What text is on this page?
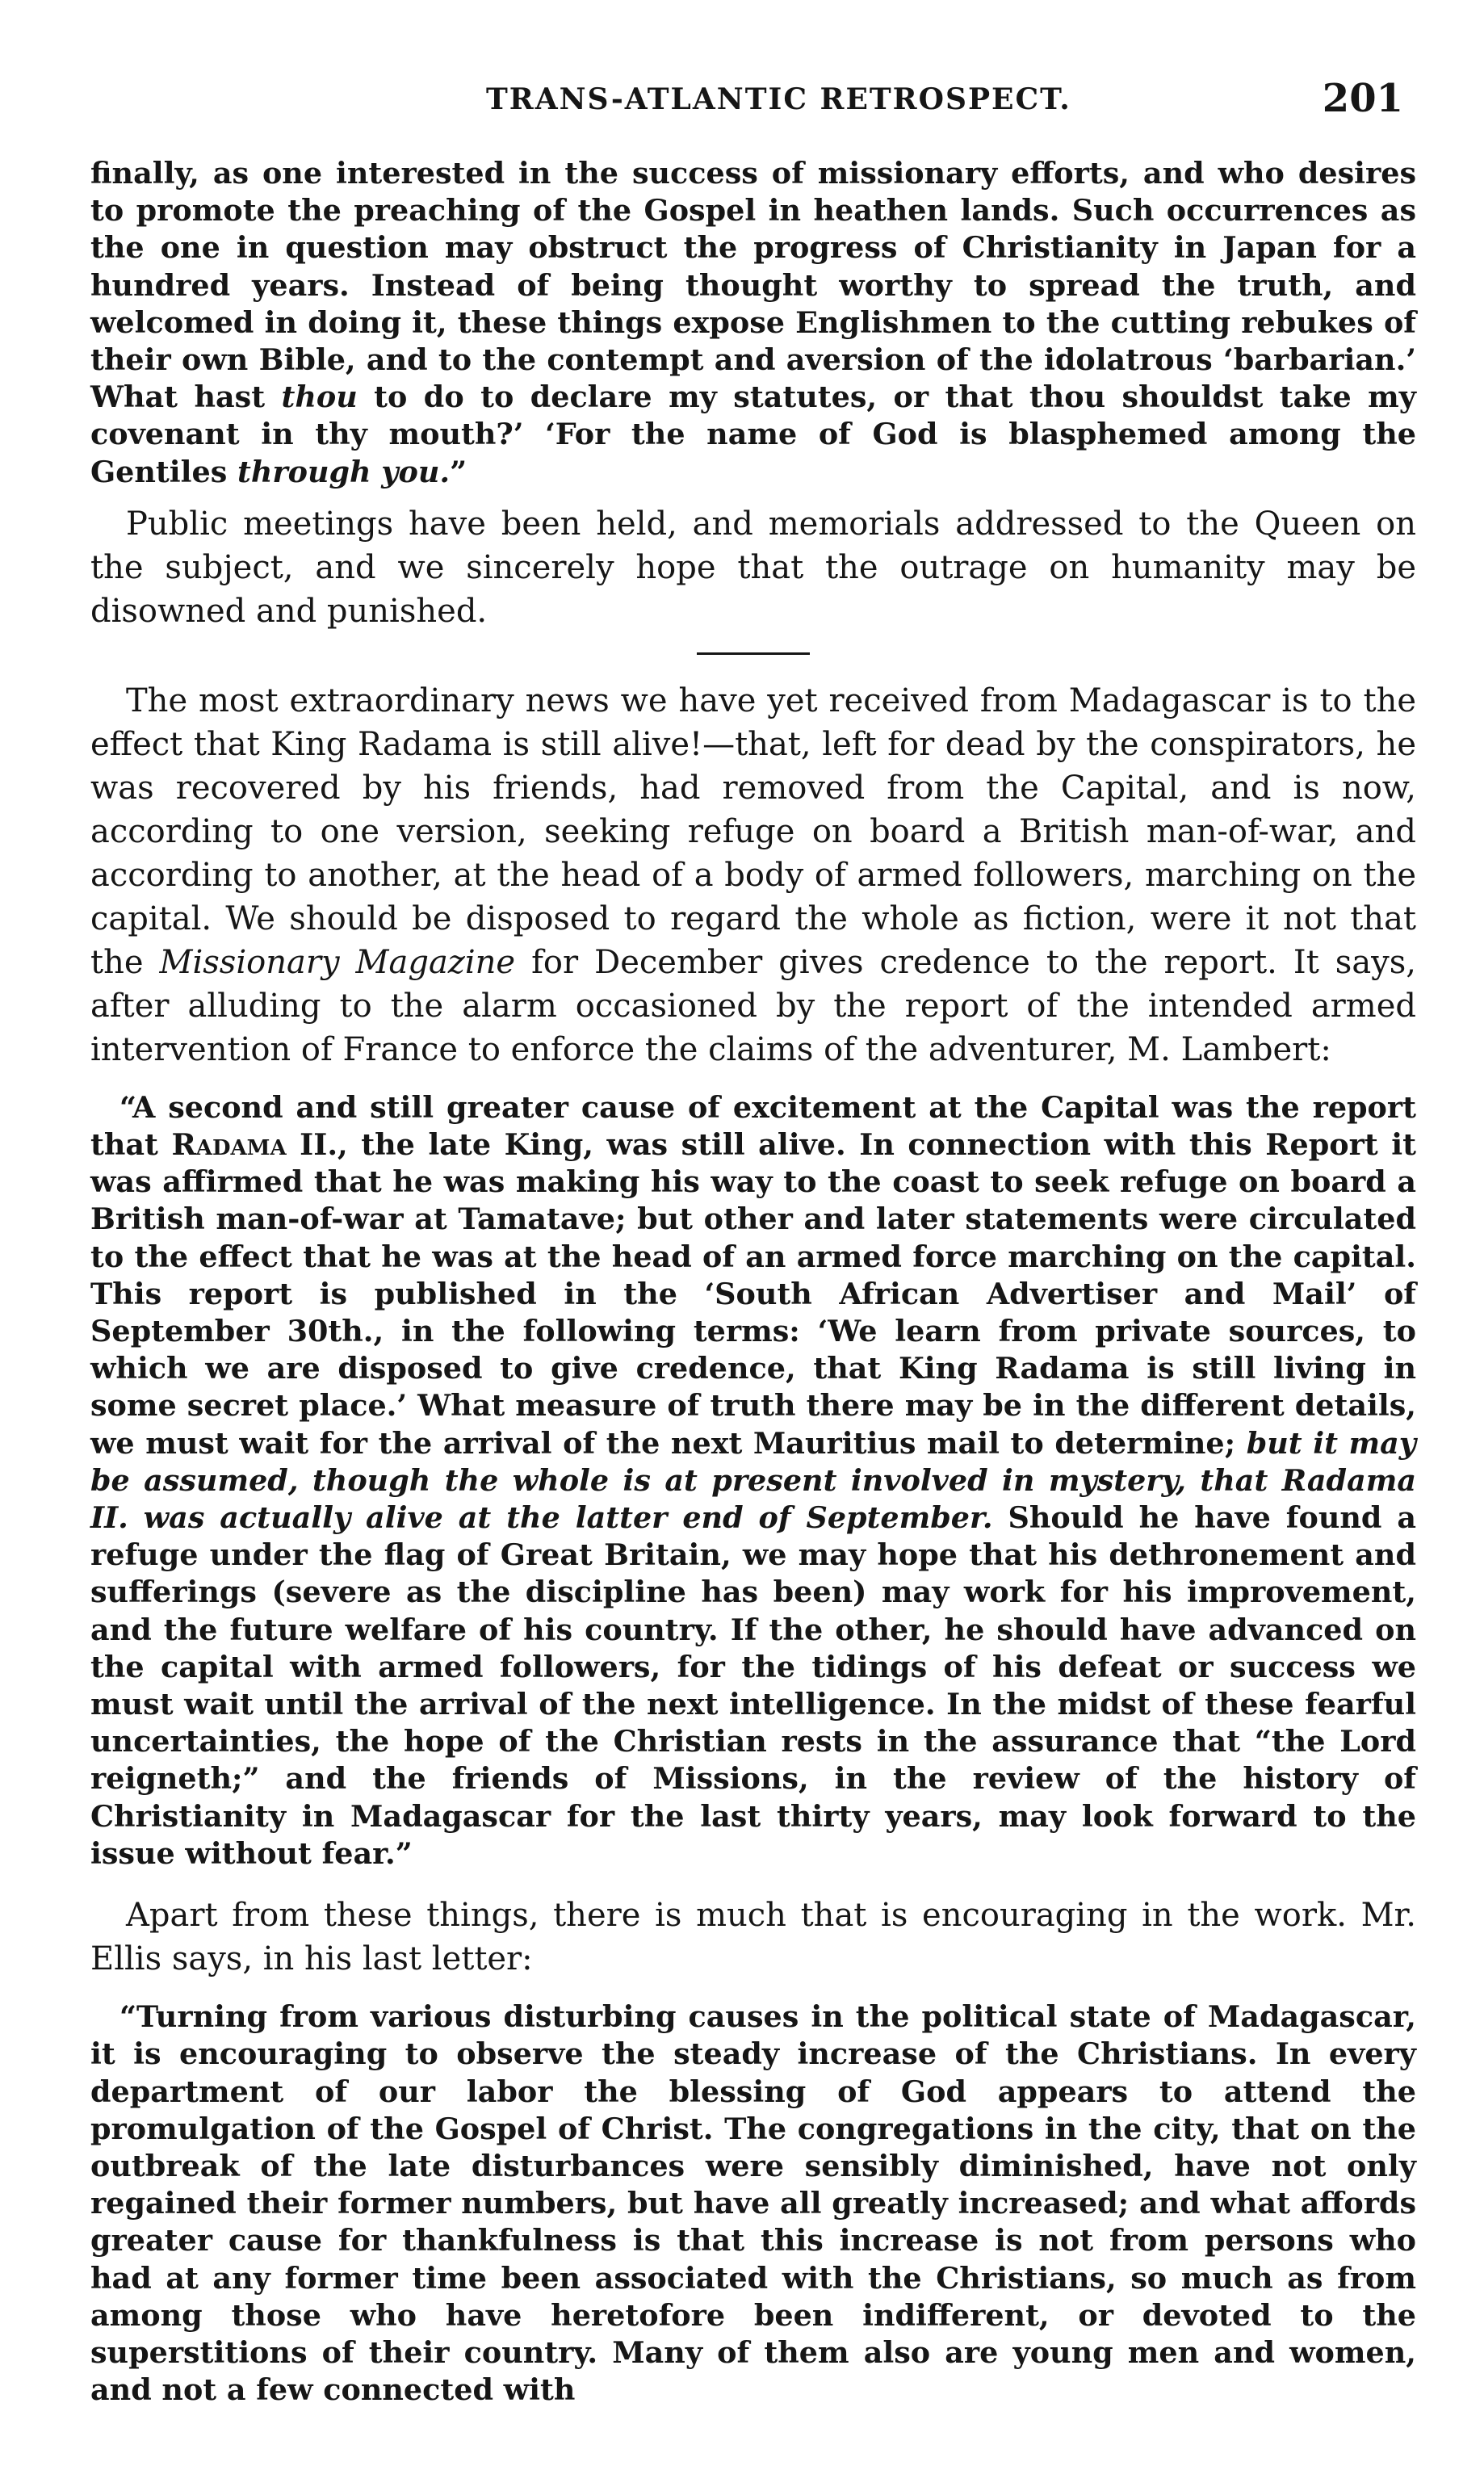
TRANS-ATLANTIC RETROSPECT.	201

finally, as one interested in the success of missionary efforts, and who desires to promote the preaching of the Gospel in heathen lands. Such occurrences as the one in question may obstruct the progress of Christianity in Japan for a hundred years. Instead of being thought worthy to spread the truth, and welcomed in doing it, these things expose Englishmen to the cutting rebukes of their own Bible, and to the contempt and aversion of the idolatrous ‘barbarian.’ What hast thou to do to declare my statutes, or that thou shouldst take my covenant in thy mouth?’ ‘For the name of God is blasphemed among the Gentiles through you.”

Public meetings have been held, and memorials addressed to the Queen on the subject, and we sincerely hope that the outrage on humanity may be disowned and punished.

The most extraordinary news we have yet received from Madagascar is to the effect that King Radama is still alive!—that, left for dead by the conspirators, he was recovered by his friends, had removed from the Capital, and is now, according to one version, seeking refuge on board a British man-of-war, and according to another, at the head of a body of armed followers, marching on the capital. We should be disposed to regard the whole as fiction, were it not that the Missionary Magazine for December gives credence to the report. It says, after alluding to the alarm occasioned by the report of the intended armed intervention of France to enforce the claims of the adventurer, M. Lambert:

“A second and still greater cause of excitement at the Capital was the report that Radama II., the late King, was still alive. In connection with this Report it was affirmed that he was making his way to the coast to seek refuge on board a British man-of-war at Tamatave; but other and later statements were circulated to the effect that he was at the head of an armed force marching on the capital. This report is published in the ‘South African Advertiser and Mail’ of September 30th., in the following terms: ‘We learn from private sources, to which we are disposed to give credence, that King Radama is still living in some secret place.’ What measure of truth there may be in the different details, we must wait for the arrival of the next Mauritius mail to determine; but it may be assumed, though the whole is at present involved in mystery, that Radama II. was actually alive at the latter end of September. Should he have found a refuge under the flag of Great Britain, we may hope that his dethronement and sufferings (severe as the discipline has been) may work for his improvement, and the future welfare of his country. If the other, he should have advanced on the capital with armed followers, for the tidings of his defeat or success we must wait until the arrival of the next intelligence. In the midst of these fearful uncertainties, the hope of the Christian rests in the assurance that “the Lord reigneth;” and the friends of Missions, in the review of the history of Christianity in Madagascar for the last thirty years, may look forward to the issue without fear.”

Apart from these things, there is much that is encouraging in the work. Mr. Ellis says, in his last letter:

“Turning from various disturbing causes in the political state of Madagascar, it is encouraging to observe the steady increase of the Christians. In every department of our labor the blessing of God appears to attend the promulgation of the Gospel of Christ. The congregations in the city, that on the outbreak of the late disturbances were sensibly diminished, have not only regained their former numbers, but have all greatly increased; and what affords greater cause for thankfulness is that this increase is not from persons who had at any former time been associated with the Christians, so much as from among those who have heretofore been indifferent, or devoted to the superstitions of their country. Many of them also are young men and women, and not a few connected with
